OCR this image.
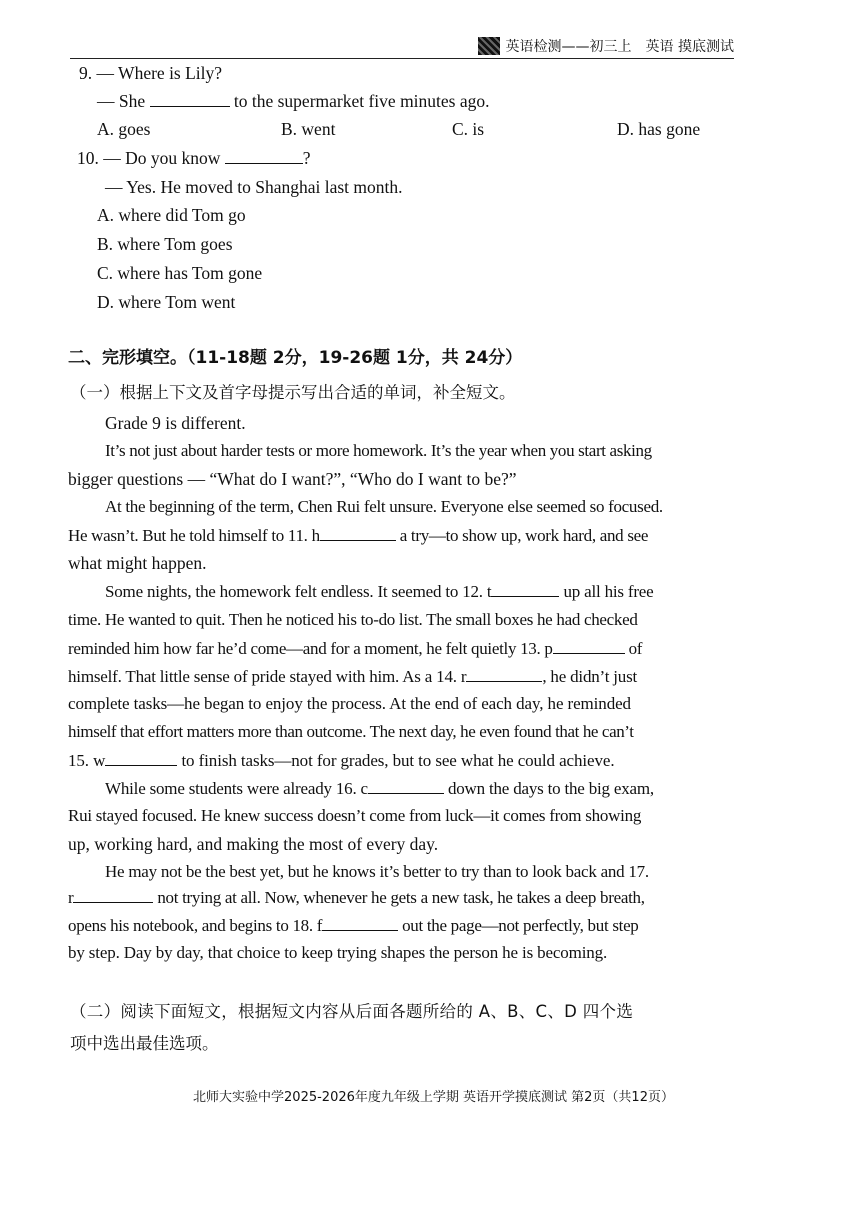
英语检测——初三上　英语 摸底测试
9. — Where is Lily?
— She	to the supermarket five minutes ago.
A. goes	B. went	C. is	D. has gone
10. — Do you know	?
— Yes. He moved to Shanghai last month.
A. where did Tom go
B. where Tom goes
C. where has Tom gone
D. where Tom went
二、完形填空。（11-18题 2分，19-26题 1分，共 24分）
（一）根据上下文及首字母提示写出合适的单词，补全短文。
Grade 9 is different.
It’s not just about harder tests or more homework. It’s the year when you start asking
bigger questions — “What do I want?”, “Who do I want to be?”
At the beginning of the term, Chen Rui felt unsure. Everyone else seemed so focused.
He wasn’t. But he told himself to 11. h	a try—to show up, work hard, and see
what might happen.
Some nights, the homework felt endless. It seemed to 12. t	up all his free
time. He wanted to quit. Then he noticed his to-do list. The small boxes he had checked
reminded him how far he’d come—and for a moment, he felt quietly 13. p	of
himself. That little sense of pride stayed with him. As a 14. r	, he didn’t just
complete tasks—he began to enjoy the process. At the end of each day, he reminded
himself that effort matters more than outcome. The next day, he even found that he can’t
15. w	to finish tasks—not for grades, but to see what he could achieve.
While some students were already 16. c	down the days to the big exam,
Rui stayed focused. He knew success doesn’t come from luck—it comes from showing
up, working hard, and making the most of every day.
He may not be the best yet, but he knows it’s better to try than to look back and 17.
r	not trying at all. Now, whenever he gets a new task, he takes a deep breath,
opens his notebook, and begins to 18. f	out the page—not perfectly, but step
by step. Day by day, that choice to keep trying shapes the person he is becoming.
（二）阅读下面短文，根据短文内容从后面各题所给的 A、B、C、D 四个选
项中选出最佳选项。
北师大实验中学2025-2026年度九年级上学期 英语开学摸底测试 第2页（共12页）
